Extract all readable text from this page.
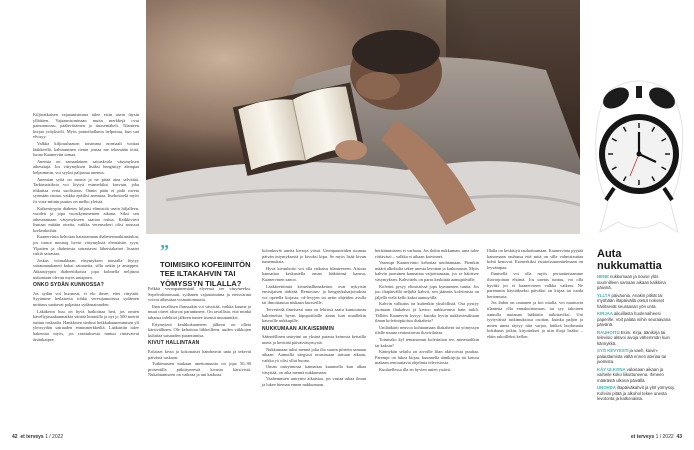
Kiljöratkaisen vajaaunisimma tulee esiin usein täysin yllättäen. Vajaaunisiminaan muita merkkejä ovat painonnousu, päälevittämen ja tiuaseniäkeli. Tilanteen korjaa yrityksiöli. Myös painoihalluma helpottuu, kun uni elvisyy.

Valkka kiljiruuhaason toisimma normaali voittaa lääkkeellä, kahtiaminen riemn joutaa me tekemään töitä, luona Kaanerviin tomaa.

Anemia on samanlainen sairaskvala väsymyksen aiheuttaja. Jos väsymyksen lisäksi hengästyy alempaa helpommin, voi syyksi paljastua anemia.

Anemian syitä on monia ja ne pitää aina selvittää. Tarkimaisiksia voi löytyä esimerkiksi kasvain, joka tihkuttaa verta suolistoon. Onnin pään ei pidä ruveta syömään rautaa, vaikka epäilisi anemiaa. Itsehoitoelä myös fri virta-miinin puutos on melko yleistä.

Kaikentyypin diabetes hiljaisi elimistöä usein hiljalleen, vuoden ja jopa vuosikymmenten aikana. Siksi sen aiheuttamaan väsymykseen saattaa tottua. Kaikkivirtit lisntaat mitään oireita, vaikka verensokeri olisi noussut korkeakoihin.

Kaanervinin kehoitaa haiastamaan diabetesmaiktimäukin, jos turnot muuraq hyvin väsymyksiä elemäisiin syyn. Ylpaiten ja diabetesta sairastavat läheisiakaiset lisaatet riskiä sairastaa.

Joskus voimakkaan väsymyksen taustalla löytyy sairaumaukaneti kukat sairauetta, sillu onkin ja aniappea. Aikaistyypin diabeettikoista jopa kolmella neljäsmi uuhoniaan olevan myös uniapnea.

ONKO SYDÄN KUNNOSSA?

Jos sydän voi huonosti, ei elo ilmee, ettei väsyttää. Syyämme heilaisetta tohkä veresijamutessa sydämen miittaus saattavat paljastua sydänsairauden.

Läkäkerin huu on hyvä haikoittaa hett, jos omien kävellyjäsaakanmatkia väittää kuntoilla ja nyt jo 500 metriä tuntuu raskaalta. Hankkisen sieduut hoikkakaunemmisen yli yleisyydän sairauden ennusmerkkeiltä. Lääkärtiin tulee hakeutua myös, jos rasittuksesta tuntuu rintavaivat ärsäukaipee.

”
TOIMISIKO KOFEIINITÖN TEE ILTAKAHVIN TAI YÖMYSSYN TILALLA?

Pelkkä verenpainemiatil elyeessä tee väsymeeksi. Sepelvaltimosaati, sydämen vajaatoiminta ja eteisvärinä voivat aiheuttaa voimattomuutta.

Ihan tavallisen flunssakin voi väsyttää, vaikka kuume ja muut oireet olisivat parantuneet. On tavallista, että minkä tahansa infektiot jälkeen tuntee itsensä muutamiksi.

Ertymyieni keuhkokuumeen jälkeen on olleta kärsivällinen. Ole kehoittaa liikkeilleen, uuden viikkojen kuluttaa saisuuden parantumisa.

KIVUT HALLINTAAN

Erilaiset kivut ja kokonaiset hänrheavät unta ja tekevät päivästä raskaan.

Tutkimusten mukaan unettomuutta on jopa 50–90 prosentilla pitkittyneestä kivusta kärsivistä. Nukahtamiseen on vaikeaa ja uni katkoaa.

kolonkuvät uneita kertoja yössä. Unenpuutteiden tuomaa päivän iniymyksestä jo kivuksi kipu. Se myös lisää kivun tuntemuksia.

Hyvä kivunhoito voi olla ratkaisu tilanteeseen. Aisiota kannattaa keskustella oman lääkärinsä kanssa, Kaanervinen sanoo.

Lääkkeettömiä kivunhallinnakeinot ovat nykyisin ensisijaisen tärkeää. Rentoutus- ja hengityksharjoituksia voi opetella kirjasta, cd-levyjen tai netin ohjeiden avulla tai ilmoittautua niukaan kursseille.

Tervetiedä ilmeisesti aina on lehtissä saatu kuntoutusta kaltoineista hyvin kipupotilaille ainan luin muullekin kasvoille nukkupille.

NUKKUMAAN AIKAISEMMIN

Säännöllinen unirytmi on yksinä parasta keinosta kertailla uneta ja hevittää päiväsväsymystä.

Nukkumaan tulisi mennä joka ilta suurin piirtein samaan aikaan. Aamuilla säegsisä nousissaan tuttuun aikaan, vaikka yö olisi ollut huono.

Oman unirytminsä kannattaa kuunnella kun alkaa väsyttää, on aika mennä nukkumaan.

Vaahemmien unirytmi aikaistaa, jos vastaa aikaa ilman ja lukee hieman ennen nukkumaan.

herätämmiseen ei varhaan. Jos ihdon nukkuman, unta tulee riittävästi – valkka ei aikaan kaivinnet.

Vasempi Kaanervinto kehottaa unohtamaan. Pienikin määrä alkoholia tekee unesta levottan ja katkonaista. Myös kahvin juominen kannattaa vaijoittamaan, jos se häiritsee väsymyksen. Kahvittelu on paras keskittää aamupäivälle.

Kofeiini pysyy elimistössä jopa kymmenen tuntia. Jos juo iltapäivällä neljältä kahvit, sen jäännös kofeiinista on jäljellä vielä kello kaksi aamuyöllä.

Kahvin valkutus on kuitenkin yksilöllistä. Osa pystyy juomaan iltakahvit ja kertoo nukkuvansa hain tuikli. Tällöin Kaanervin kysyy: kuinka hyvin nukkiwimiksaan ilman kofeiinipitoista iltakahvia?

Unilääkärit neuvoo kohtaumaan iltakahvin tai yömyssyn tilalle muuta rentouttavaa iltavirilaista.

Toimisiko kyl temaisimun kofeiiniton tee, mineraalikin tai kaksin?

Kännykän selailu on aivoille liian aktivoivaa puuhaa. Parempi on lukea kirjaa, kuunnella äänikirjoja tai katsoa makaan rentouttavia ohjelmia televisiosta.

Kuuluellessa illa en hyvien unien ystävä.

Illalla on keskittyä rauhoittumaan. Kaanervinta pyytää katsomaan rauhassa että mitä on sille valmistauttaa kohti kenovut. Esimerkiksi esiutoissuunnitelmaan on leyvämpaa.

Ihmisellä voi olla myös periaatteistamme iltavarjoinan ehtimä. Jos unetus tuntuu, voi olla hyväki jos ei kaanervinen valkka vaikeat. Ne paremmin käyttäkseksi päiväksi on kirjaa tai tuoda kertomusta.

Jos ihdon on rautanen ja hoi nitalla, voi nuuttuvia tilanteita olla ennakoittomuus, tai syy takoinen aamulla mutanan lääkärtin tutkittaviksi. Uni tyytyväistä tutkimuksissa osoitan, kuinka paljon ja miten uneta täytyy niin varjaa, luitkeä huolimatta kokikuun joikin, kirjoitukset ja niin iltoja lisäksi – eläin rukoilleksi kellon.

Auta nukkumattia
NENEnukkumaan ja nouse ylös suunnilleen samaan aikaan kaikkina päivinä.
YLLTÄpäiväunia. Anakin pitkät tai myöhään iltapäivällä otetut nokoset häiritsevät seuraavan yön unta.
KIRJAAaikuillasta huolenaiheesi paperille. Voit palata niihin seuraavana päivänä.
RAUHOITUEsim. Kirja, äänikirja tai televisio aktivoi aivoja vähemmän kuin kännykkä.
SYÖ KEVYESTIja vaeh, kaivin-palauttamista vältä ennen ateriaa tai juomista.
KÄY ULKONAvaloisaan aikaan ja vaiheile koko liikuttuneena. Ihmeen määrästä ulkona päivällä.
UNOHDAiltapäiväkahvit ja ylöt yömyssy. Kofeiini pitää ja alkohol tekee unesta levotonta ja katkonaista.
42 et terveys 1 / 2022	et terveys 1 / 2022 43
